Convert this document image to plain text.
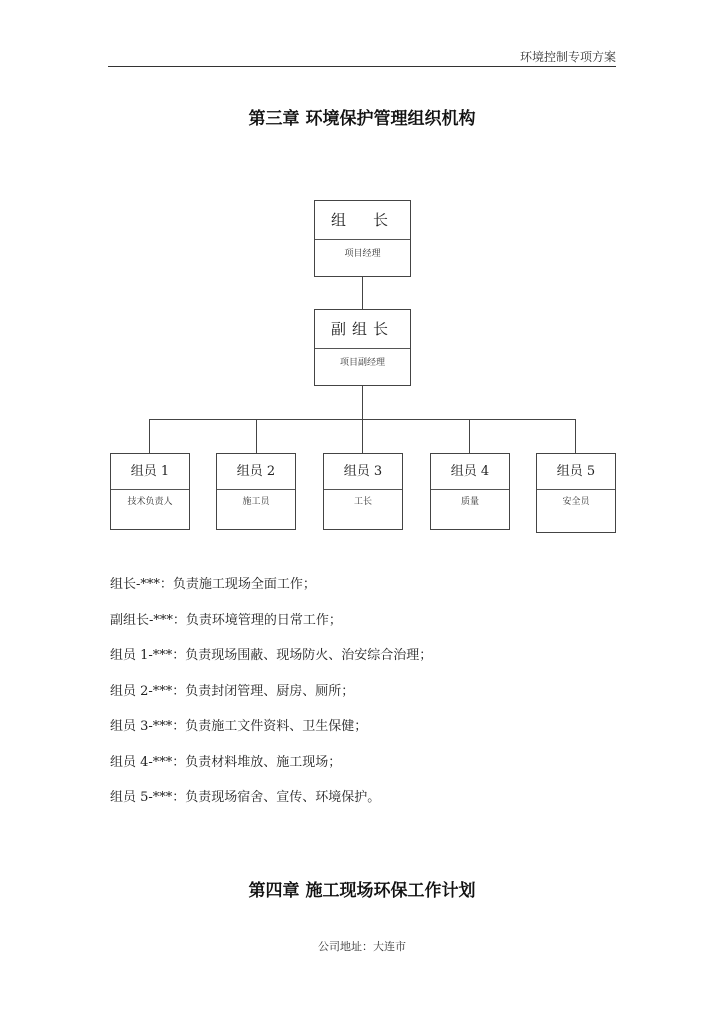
环境控制专项方案
第三章 环境保护管理组织机构
组　长
项目经理
副组长
项目副经理
组员 1
技术负责人
组员 2
施工员
组员 3
工长
组员 4
质量
组员 5
安全员
组长-***：负责施工现场全面工作；
副组长-***：负责环境管理的日常工作；
组员 1-***：负责现场围蔽、现场防火、治安综合治理；
组员 2-***：负责封闭管理、厨房、厕所；
组员 3-***：负责施工文件资料、卫生保健；
组员 4-***：负责材料堆放、施工现场；
组员 5-***：负责现场宿舍、宣传、环境保护。
第四章 施工现场环保工作计划
公司地址：大连市
